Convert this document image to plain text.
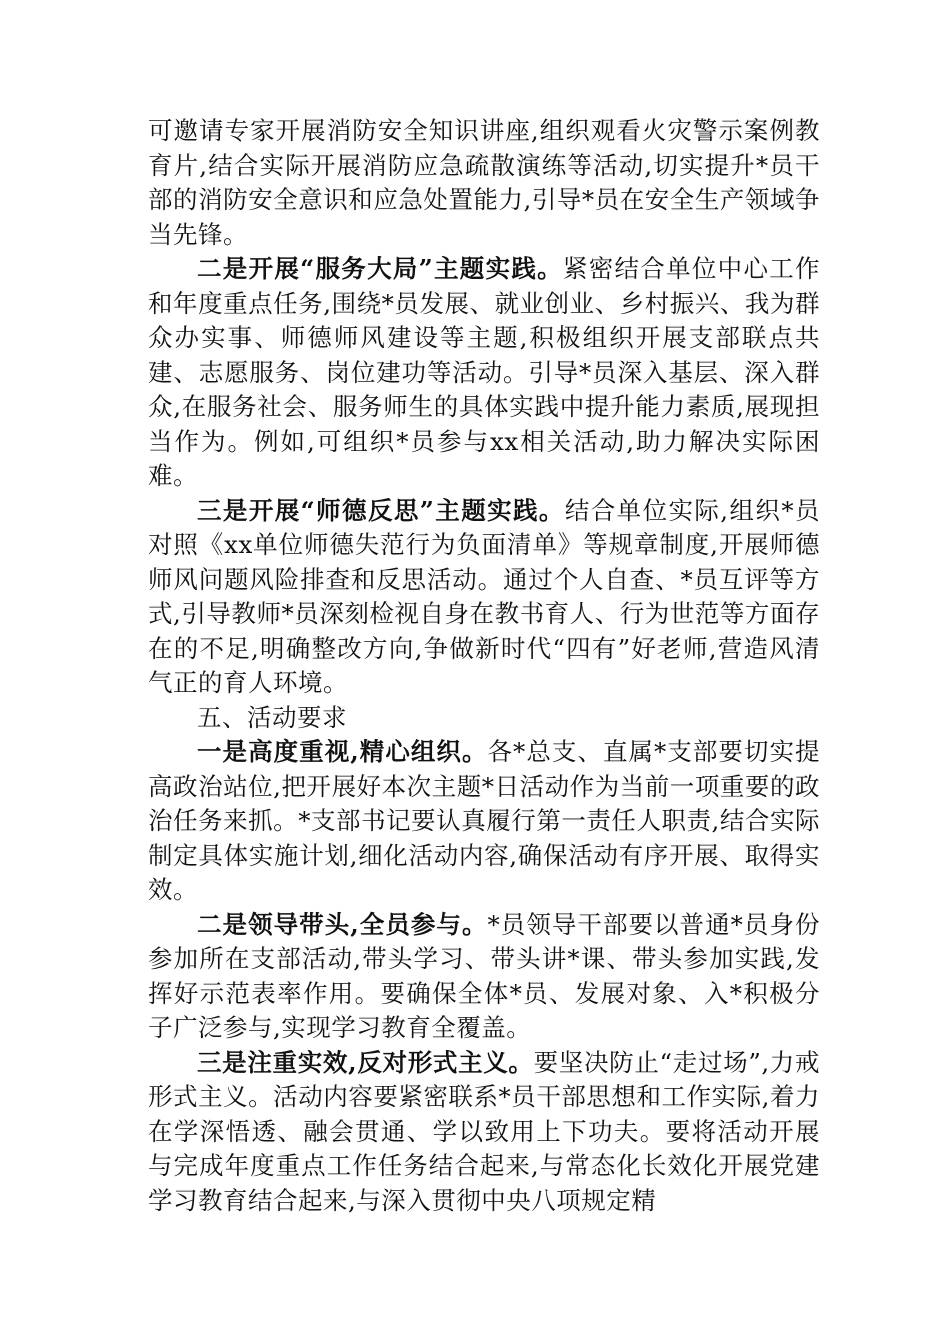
可邀请专家开展消防安全知识讲座,组织观看火灾警示案例教育片,结合实际开展消防应急疏散演练等活动,切实提升*员干部的消防安全意识和应急处置能力,引导*员在安全生产领域争当先锋。

二是开展“服务大局”主题实践。紧密结合单位中心工作和年度重点任务,围绕*员发展、就业创业、乡村振兴、我为群众办实事、师德师风建设等主题,积极组织开展支部联点共建、志愿服务、岗位建功等活动。引导*员深入基层、深入群众,在服务社会、服务师生的具体实践中提升能力素质,展现担当作为。例如,可组织*员参与xx相关活动,助力解决实际困难。

三是开展“师德反思”主题实践。结合单位实际,组织*员对照《xx单位师德失范行为负面清单》等规章制度,开展师德师风问题风险排查和反思活动。通过个人自查、*员互评等方式,引导教师*员深刻检视自身在教书育人、行为世范等方面存在的不足,明确整改方向,争做新时代“四有”好老师,营造风清气正的育人环境。

五、活动要求

一是高度重视,精心组织。各*总支、直属*支部要切实提高政治站位,把开展好本次主题*日活动作为当前一项重要的政治任务来抓。*支部书记要认真履行第一责任人职责,结合实际制定具体实施计划,细化活动内容,确保活动有序开展、取得实效。

二是领导带头,全员参与。*员领导干部要以普通*员身份参加所在支部活动,带头学习、带头讲*课、带头参加实践,发挥好示范表率作用。要确保全体*员、发展对象、入*积极分子广泛参与,实现学习教育全覆盖。

三是注重实效,反对形式主义。要坚决防止“走过场”,力戒形式主义。活动内容要紧密联系*员干部思想和工作实际,着力在学深悟透、融会贯通、学以致用上下功夫。要将活动开展与完成年度重点工作任务结合起来,与常态化长效化开展党建学习教育结合起来,与深入贯彻中央八项规定精
